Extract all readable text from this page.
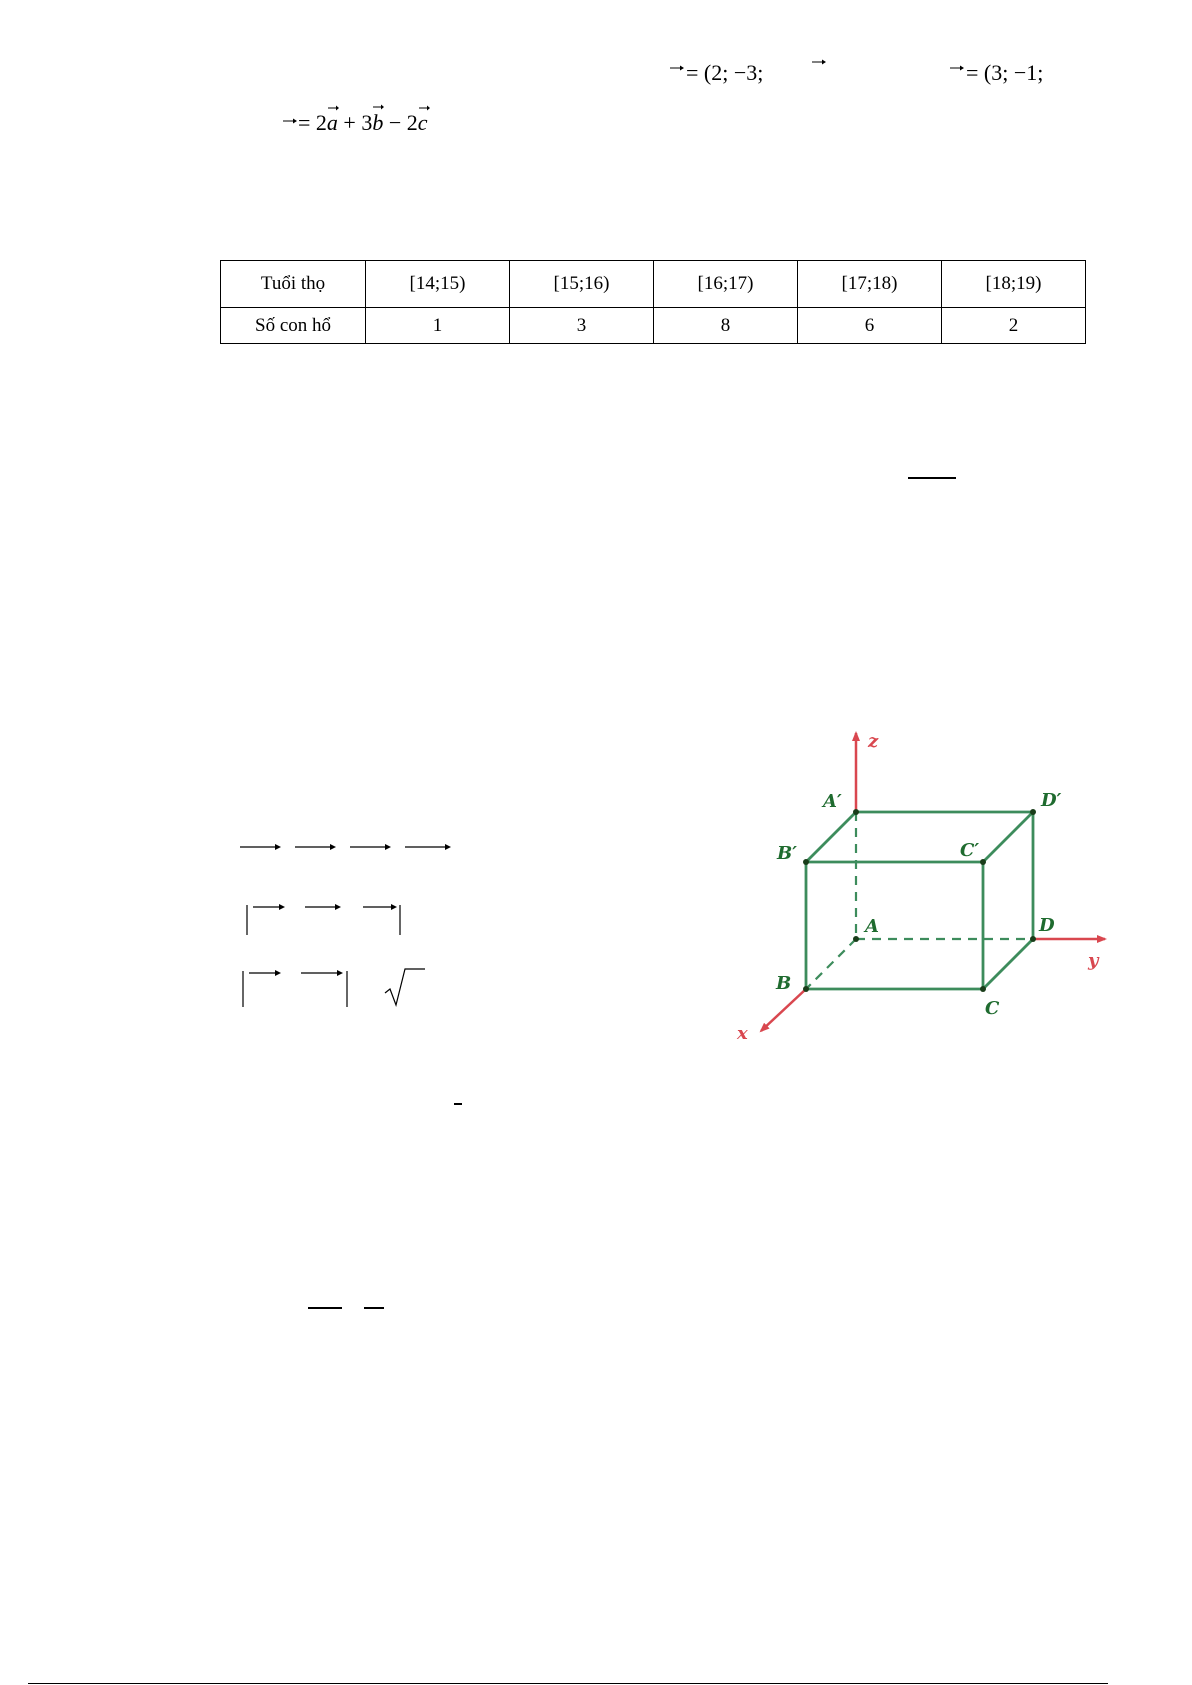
= (2; −3;	= (3; −1;
= 2a
+ 3b
− 2c
Tuổi thọ	[14;15)	[15;16)	[16;17)	[17;18)	[18;19)
Số con hổ	1	3	8	6	2
z
y
x
A′	D′
B′	C′
A	D
B
C
